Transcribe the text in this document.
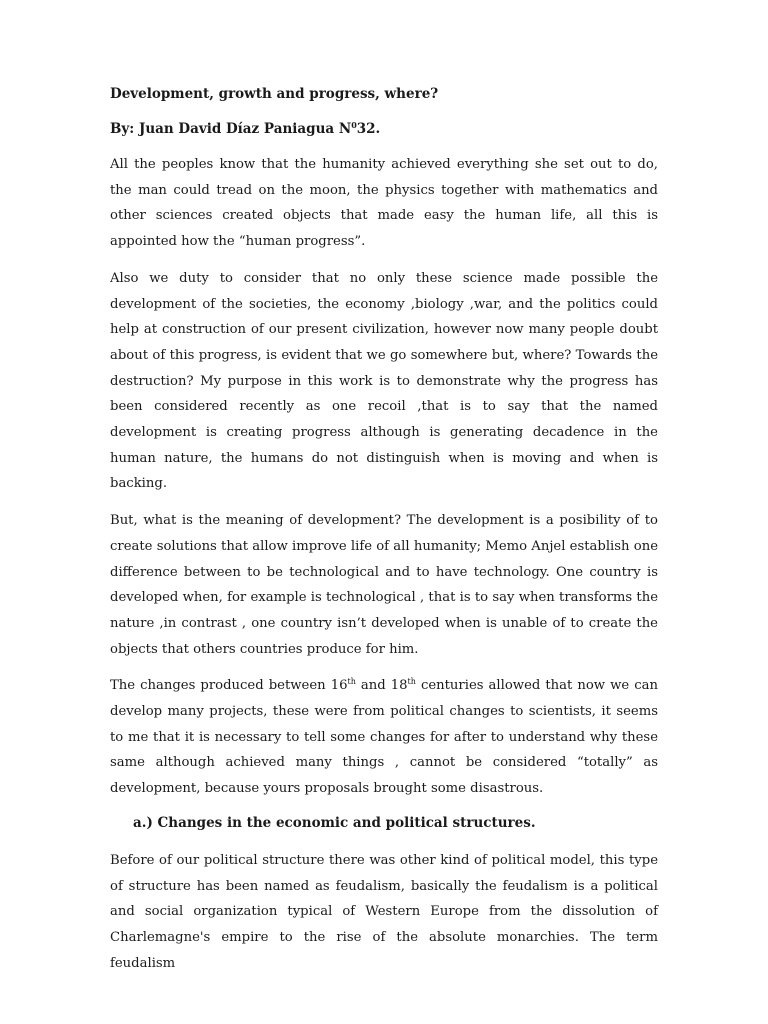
Development, growth and progress, where?
By: Juan David Díaz Paniagua $N^032$.

All the peoples know that the humanity achieved everything she set out to do, the man could tread on the moon, the physics together with mathematics and other sciences created objects that made easy the human life, all this is appointed how the “human progress”.

Also we duty to consider that no only these science made possible the development of the societies, the economy ,biology ,war, and the politics could help at construction of our present civilization, however now many people doubt about of this progress, is evident that we go somewhere but, where? Towards the destruction? My purpose in this work is to demonstrate why the progress has been considered recently as one recoil ,that is to say that the named development is creating progress although is generating decadence in the human nature, the humans do not distinguish when is moving and when is backing.

But, what is the meaning of development? The development is a posibility of to create solutions that allow improve life of all humanity; Memo Anjel establish one difference between to be technological and to have technology. One country is developed when, for example is technological , that is to say when transforms the nature ,in contrast , one country isn’t developed when is unable of to create the objects that others countries produce for him.

The changes produced between 16th and 18th centuries allowed that now we can develop many projects, these were from political changes to scientists, it seems to me that it is necessary to tell some changes for after to understand why these same although achieved many things , cannot be considered “totally” as development, because yours proposals brought some disastrous.

a.) Changes in the economic and political structures.

Before of our political structure there was other kind of political model, this type of structure has been named as feudalism, basically the feudalism is a political and social organization typical of Western Europe from the dissolution of Charlemagne's empire to the rise of the absolute monarchies. The term feudalism
